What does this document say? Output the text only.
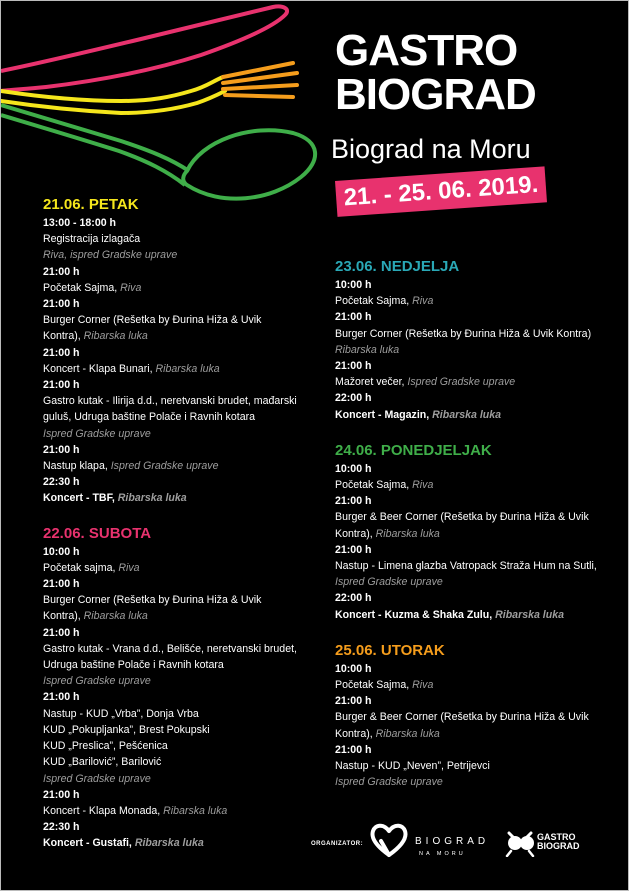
GASTRO
BIOGRAD
Biograd na Moru
21. - 25. 06. 2019.
21.06. PETAK
13:00 - 18:00 h
Registracija izlagača
Riva, ispred Gradske uprave
21:00 h
Početak Sajma, Riva
21:00 h
Burger Corner (Rešetka by Đurina Hiža & Uvik
Kontra), Ribarska luka
21:00 h
Koncert - Klapa Bunari, Ribarska luka
21:00 h
Gastro kutak - Ilirija d.d., neretvanski brudet, mađarski
guluš, Udruga baštine Polače i Ravnih kotara
Ispred Gradske uprave
21:00 h
Nastup klapa, Ispred Gradske uprave
22:30 h
Koncert - TBF, Ribarska luka
22.06. SUBOTA
10:00 h
Početak sajma, Riva
21:00 h
Burger Corner (Rešetka by Đurina Hiža & Uvik
Kontra), Ribarska luka
21:00 h
Gastro kutak - Vrana d.d., Belišće, neretvanski brudet,
Udruga baštine Polače i Ravnih kotara
Ispred Gradske uprave
21:00 h
Nastup - KUD „Vrba”, Donja Vrba
KUD „Pokupljanka”, Brest Pokupski
KUD „Preslica”, Pešćenica
KUD „Barilović”, Barilović
Ispred Gradske uprave
21:00 h
Koncert - Klapa Monada, Ribarska luka
22:30 h
Koncert - Gustafi, Ribarska luka
23.06. NEDJELJA
10:00 h
Početak Sajma, Riva
21:00 h
Burger Corner (Rešetka by Đurina Hiža & Uvik Kontra)
Ribarska luka
21:00 h
Mažoret večer, Ispred Gradske uprave
22:00 h
Koncert - Magazin, Ribarska luka
24.06. PONEDJELJAK
10:00 h
Početak Sajma, Riva
21:00 h
Burger & Beer Corner (Rešetka by Đurina Hiža & Uvik
Kontra), Ribarska luka
21:00 h
Nastup - Limena glazba Vatropack Straža Hum na Sutli,
Ispred Gradske uprave
22:00 h
Koncert - Kuzma & Shaka Zulu, Ribarska luka
25.06. UTORAK
10:00 h
Početak Sajma, Riva
21:00 h
Burger & Beer Corner (Rešetka by Đurina Hiža & Uvik
Kontra), Ribarska luka
21:00 h
Nastup - KUD „Neven”, Petrijevci
Ispred Gradske uprave
ORGANIZATOR:	BIOGRAD
NA MORU
GASTRO
BIOGRAD
